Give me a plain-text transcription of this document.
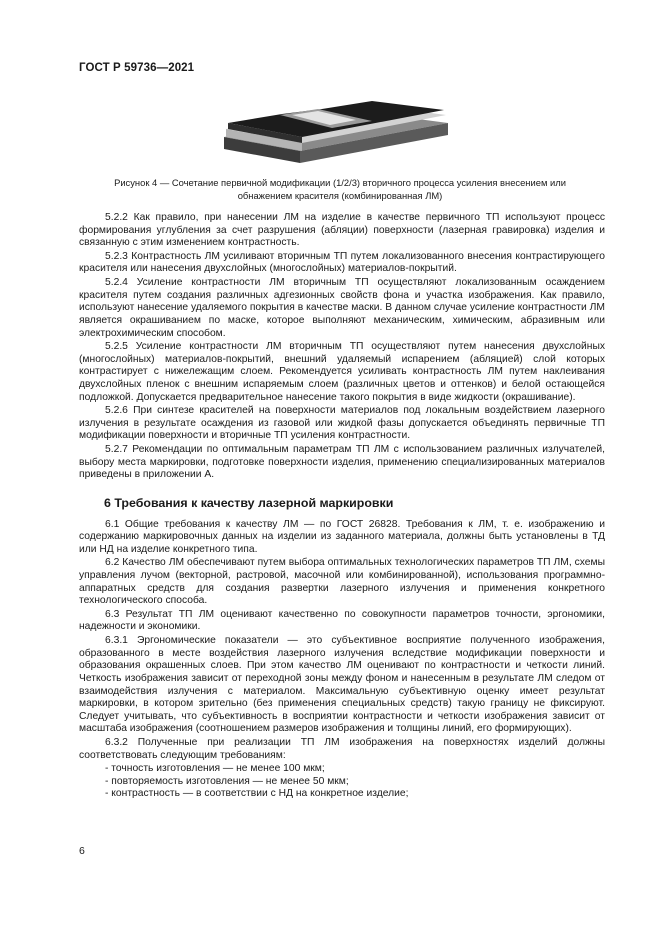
ГОСТ Р 59736—2021
Рисунок 4 — Сочетание первичной модификации (1/2/3) вторичного процесса усиления внесением или обнажением красителя (комбинированная ЛМ)

5.2.2 Как правило, при нанесении ЛМ на изделие в качестве первичного ТП используют процесс формирования углубления за счет разрушения (абляции) поверхности (лазерная гравировка) изделия и связанную с этим изменением контрастность.

5.2.3 Контрастность ЛМ усиливают вторичным ТП путем локализованного внесения контрастирующего красителя или нанесения двухслойных (многослойных) материалов-покрытий.

5.2.4 Усиление контрастности ЛМ вторичным ТП осуществляют локализованным осаждением красителя путем создания различных адгезионных свойств фона и участка изображения. Как правило, используют нанесение удаляемого покрытия в качестве маски. В данном случае усиление контрастности ЛМ является окрашиванием по маске, которое выполняют механическим, химическим, абразивным или электрохимическим способом.

5.2.5 Усиление контрастности ЛМ вторичным ТП осуществляют путем нанесения двухслойных (многослойных) материалов-покрытий, внешний удаляемый испарением (абляцией) слой которых контрастирует с нижележащим слоем. Рекомендуется усиливать контрастность ЛМ путем наклеивания двухслойных пленок с внешним испаряемым слоем (различных цветов и оттенков) и белой остающейся подложкой. Допускается предварительное нанесение такого покрытия в виде жидкости (окрашивание).

5.2.6 При синтезе красителей на поверхности материалов под локальным воздействием лазерного излучения в результате осаждения из газовой или жидкой фазы допускается объединять первичные ТП модификации поверхности и вторичные ТП усиления контрастности.

5.2.7 Рекомендации по оптимальным параметрам ТП ЛМ с использованием различных излучателей, выбору места маркировки, подготовке поверхности изделия, применению специализированных материалов приведены в приложении А.

6 Требования к качеству лазерной маркировки

6.1 Общие требования к качеству ЛМ — по ГОСТ 26828. Требования к ЛМ, т. е. изображению и содержанию маркировочных данных на изделии из заданного материала, должны быть установлены в ТД или НД на изделие конкретного типа.

6.2 Качество ЛМ обеспечивают путем выбора оптимальных технологических параметров ТП ЛМ, схемы управления лучом (векторной, растровой, масочной или комбинированной), использования программно-аппаратных средств для создания развертки лазерного излучения и применения конкретного технологического способа.

6.3 Результат ТП ЛМ оценивают качественно по совокупности параметров точности, эргономики, надежности и экономики.

6.3.1 Эргономические показатели — это субъективное восприятие полученного изображения, образованного в месте воздействия лазерного излучения вследствие модификации поверхности и образования окрашенных слоев. При этом качество ЛМ оценивают по контрастности и четкости линий. Четкость изображения зависит от переходной зоны между фоном и нанесенным в результате ЛМ следом от взаимодействия излучения с материалом. Максимальную субъективную оценку имеет результат маркировки, в котором зрительно (без применения специальных средств) такую границу не фиксируют. Следует учитывать, что субъективность в восприятии контрастности и четкости изображения зависит от масштаба изображения (соотношением размеров изображения и толщины линий, его формирующих).

6.3.2 Полученные при реализации ТП ЛМ изображения на поверхностях изделий должны соответствовать следующим требованиям:

- точность изготовления — не менее 100 мкм;

- повторяемость изготовления — не менее 50 мкм;

- контрастность — в соответствии с НД на конкретное изделие;

6
